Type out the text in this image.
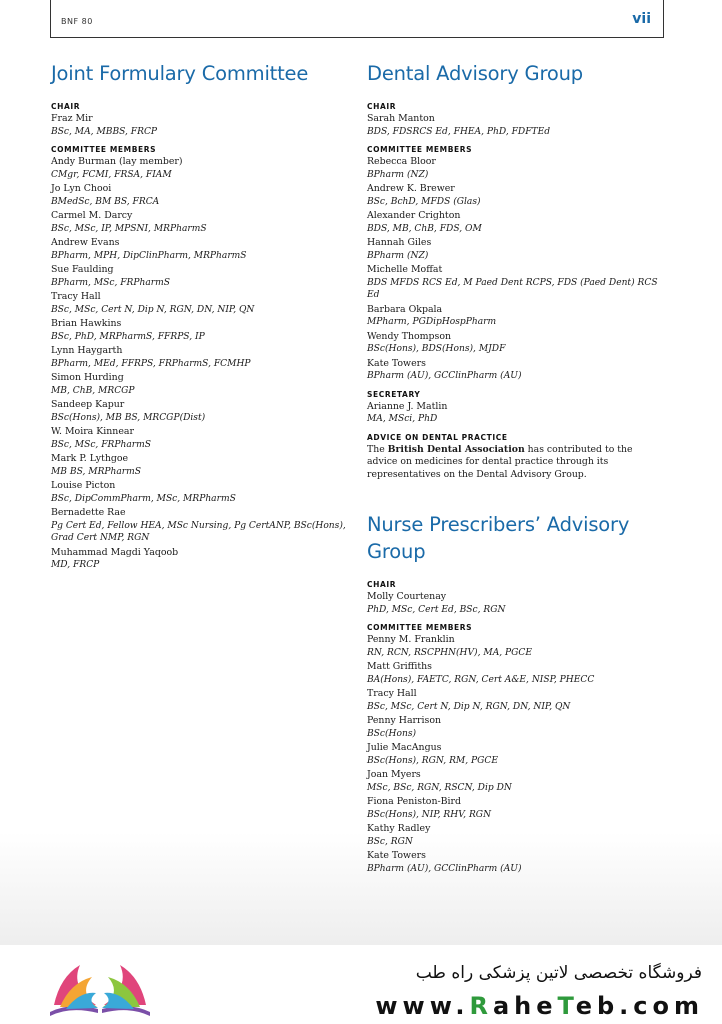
BNF 80	vii
Joint Formulary Committee
CHAIR
Fraz Mir
BSc, MA, MBBS, FRCP
COMMITTEE MEMBERS
Andy Burman (lay member)
CMgr, FCMI, FRSA, FIAM
Jo Lyn Chooi
BMedSc, BM BS, FRCA
Carmel M. Darcy
BSc, MSc, IP, MPSNI, MRPharmS
Andrew Evans
BPharm, MPH, DipClinPharm, MRPharmS
Sue Faulding
BPharm, MSc, FRPharmS
Tracy Hall
BSc, MSc, Cert N, Dip N, RGN, DN, NIP, QN
Brian Hawkins
BSc, PhD, MRPharmS, FFRPS, IP
Lynn Haygarth
BPharm, MEd, FFRPS, FRPharmS, FCMHP
Simon Hurding
MB, ChB, MRCGP
Sandeep Kapur
BSc(Hons), MB BS, MRCGP(Dist)
W. Moira Kinnear
BSc, MSc, FRPharmS
Mark P. Lythgoe
MB BS, MRPharmS
Louise Picton
BSc, DipCommPharm, MSc, MRPharmS
Bernadette Rae
Pg Cert Ed, Fellow HEA, MSc Nursing, Pg CertANP, BSc(Hons), Grad Cert NMP, RGN
Muhammad Magdi Yaqoob
MD, FRCP
Dental Advisory Group
CHAIR
Sarah Manton
BDS, FDSRCS Ed, FHEA, PhD, FDFTEd
COMMITTEE MEMBERS
Rebecca Bloor
BPharm (NZ)
Andrew K. Brewer
BSc, BchD, MFDS (Glas)
Alexander Crighton
BDS, MB, ChB, FDS, OM
Hannah Giles
BPharm (NZ)
Michelle Moffat
BDS MFDS RCS Ed, M Paed Dent RCPS, FDS (Paed Dent) RCS Ed
Barbara Okpala
MPharm, PGDipHospPharm
Wendy Thompson
BSc(Hons), BDS(Hons), MJDF
Kate Towers
BPharm (AU), GCClinPharm (AU)
SECRETARY
Arianne J. Matlin
MA, MSci, PhD
ADVICE ON DENTAL PRACTICE
The British Dental Association has contributed to the advice on medicines for dental practice through its representatives on the Dental Advisory Group.
Nurse Prescribers’ Advisory Group
CHAIR
Molly Courtenay
PhD, MSc, Cert Ed, BSc, RGN
COMMITTEE MEMBERS
Penny M. Franklin
RN, RCN, RSCPHN(HV), MA, PGCE
Matt Griffiths
BA(Hons), FAETC, RGN, Cert A&E, NISP, PHECC
Tracy Hall
BSc, MSc, Cert N, Dip N, RGN, DN, NIP, QN
Penny Harrison
BSc(Hons)
Julie MacAngus
BSc(Hons), RGN, RM, PGCE
Joan Myers
MSc, BSc, RGN, RSCN, Dip DN
Fiona Peniston-Bird
BSc(Hons), NIP, RHV, RGN
Kathy Radley
BSc, RGN
Kate Towers
BPharm (AU), GCClinPharm (AU)
فروشگاه تخصصی لاتین پزشکی راه طب
www.RaheTeb.com
